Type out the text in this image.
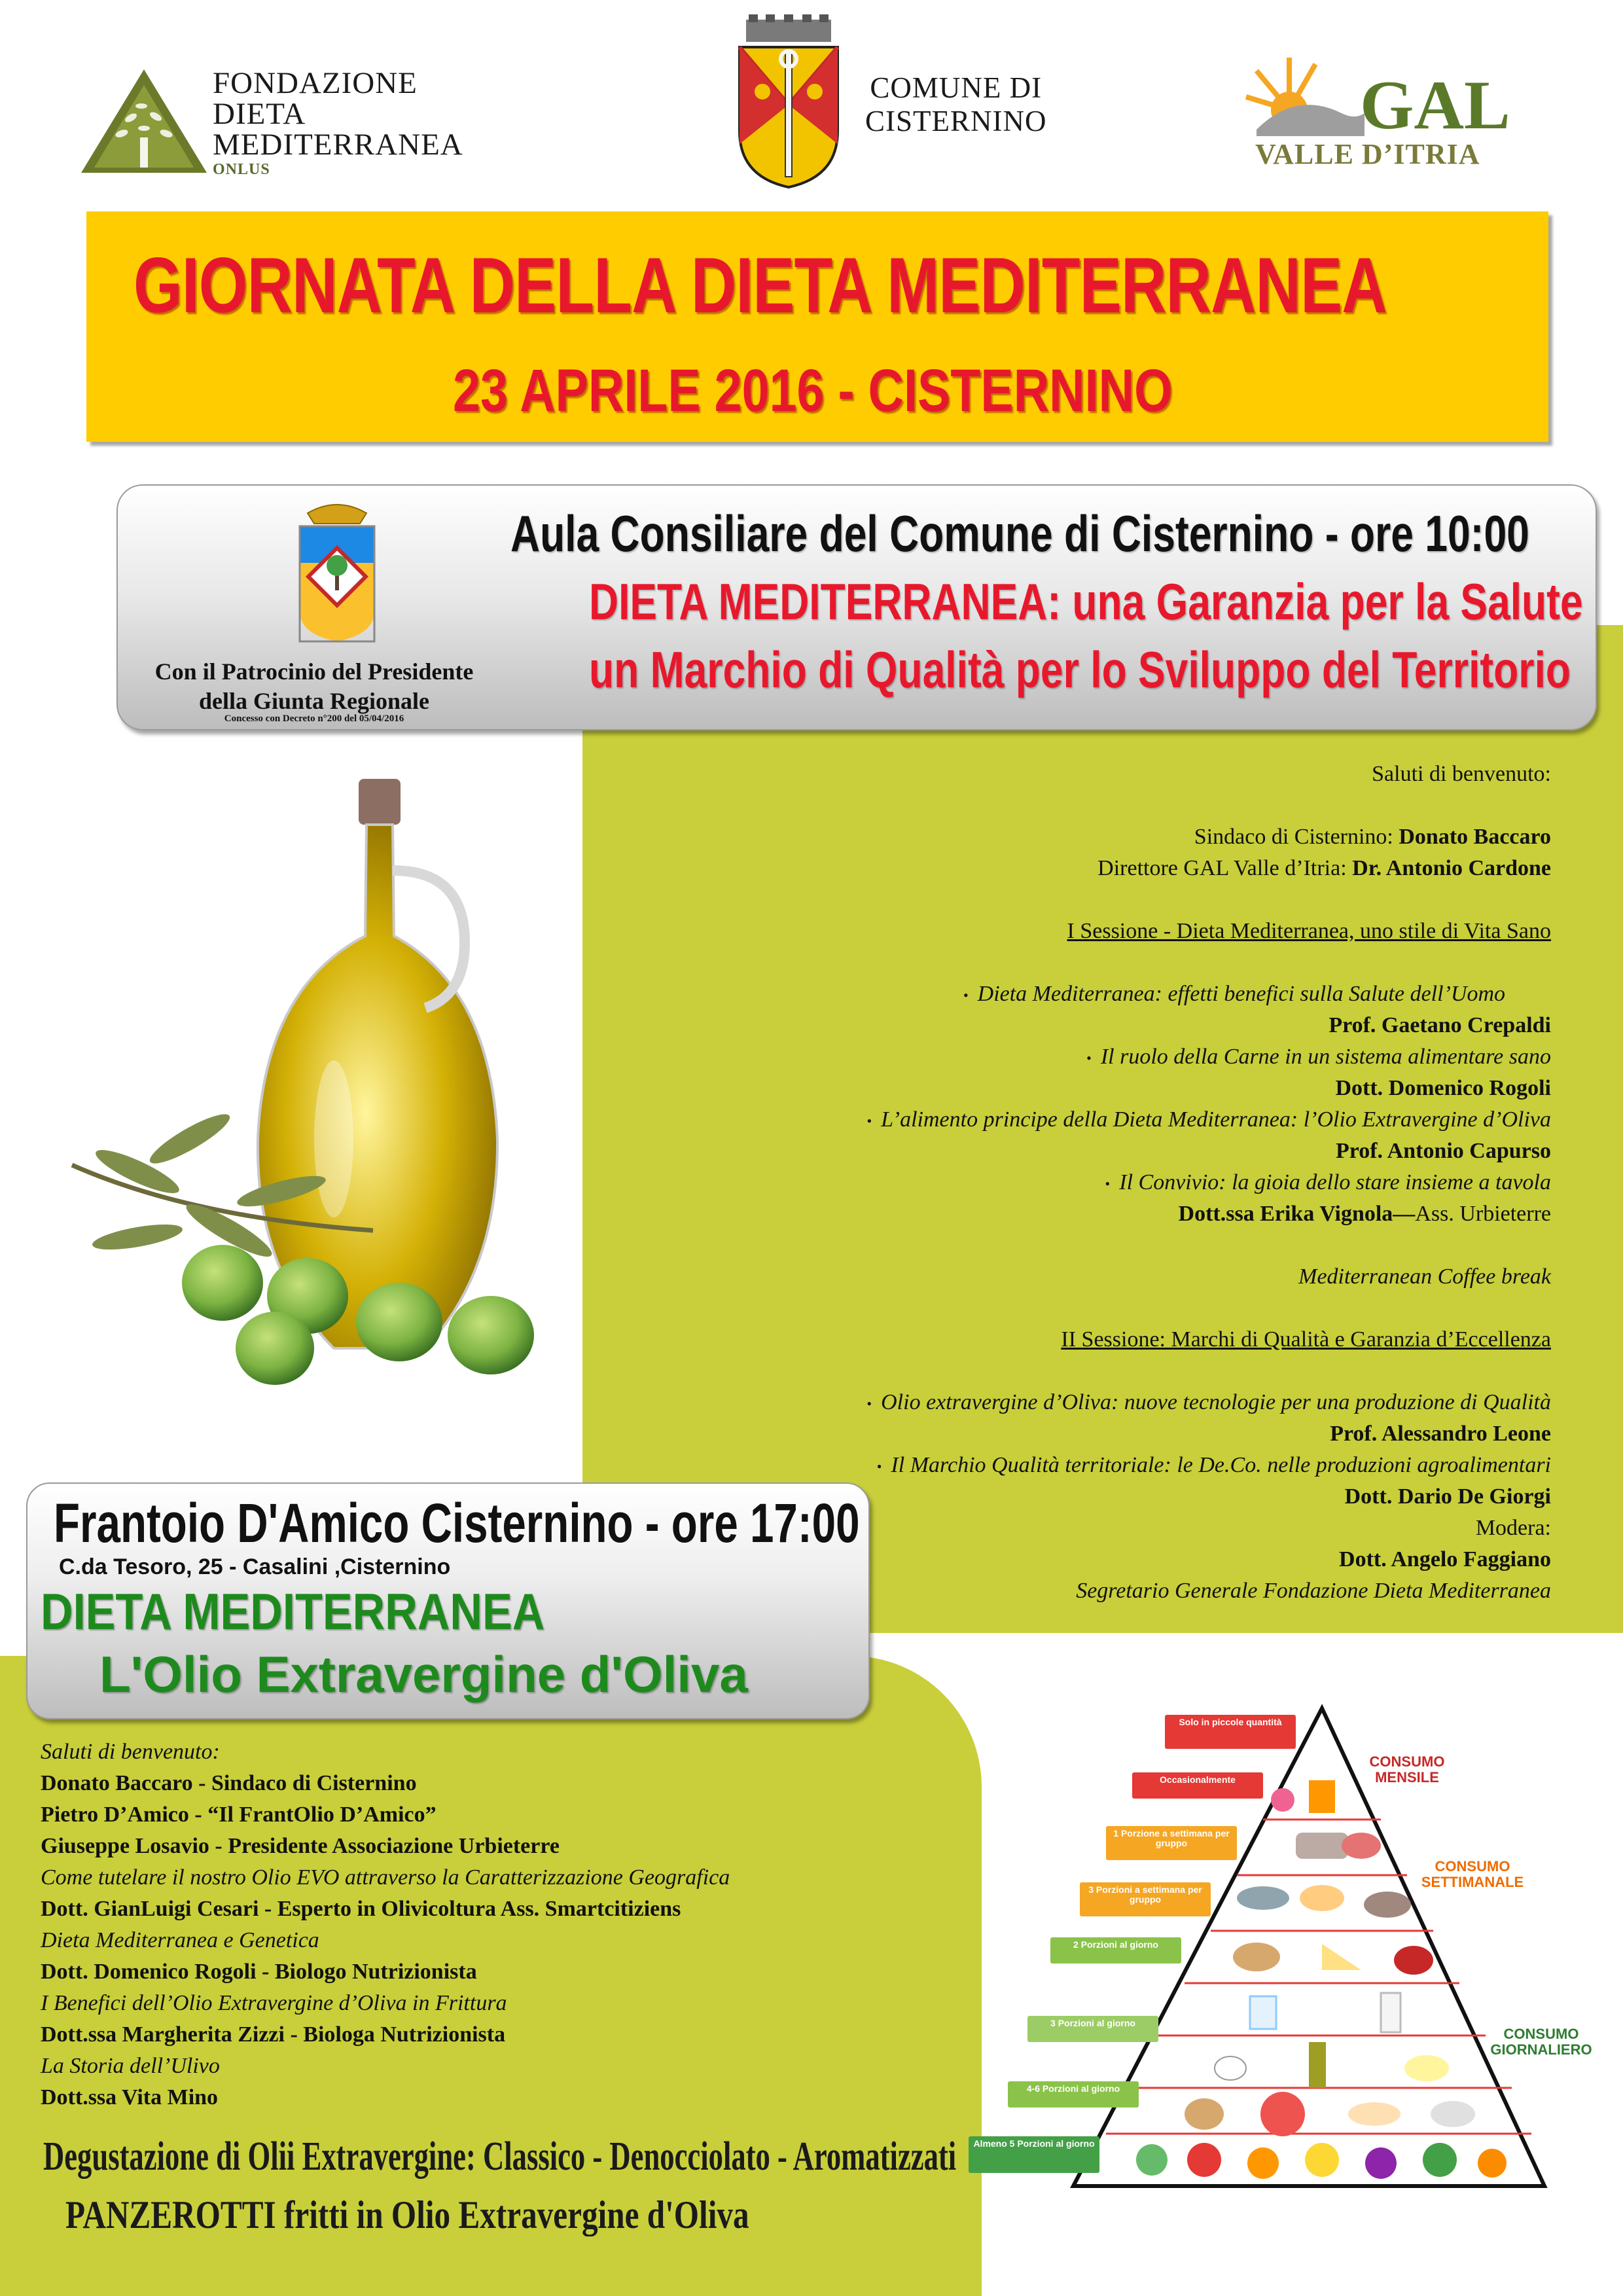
FONDAZIONE
DIETA
MEDITERRANEA
ONLUS
COMUNE DI
CISTERNINO	GAL
VALLE D’ITRIA
GIORNATA DELLA DIETA MEDITERRANEA
23 APRILE 2016 - CISTERNINO
Con il Patrocinio del Presidente
della Giunta Regionale
Concesso con Decreto n°200 del 05/04/2016
Aula Consiliare del Comune di Cisternino - ore 10:00
DIETA MEDITERRANEA: una Garanzia per la Salute
un Marchio di Qualità per lo Sviluppo del Territorio
Saluti di benvenuto:
Sindaco di Cisternino: Donato Baccaro
Direttore GAL Valle d’Itria: Dr. Antonio Cardone
I Sessione - Dieta Mediterranea, uno stile di Vita Sano
• Dieta Mediterranea: effetti benefici sulla Salute dell’Uomo
Prof. Gaetano Crepaldi
• Il ruolo della Carne in un sistema alimentare sano
Dott. Domenico Rogoli
• L’alimento principe della Dieta Mediterranea: l’Olio Extravergine d’Oliva
Prof. Antonio Capurso
• Il Convivio: la gioia dello stare insieme a tavola
Dott.ssa Erika Vignola—Ass. Urbieterre
Mediterranean Coffee break
II Sessione: Marchi di Qualità e Garanzia d’Eccellenza
• Olio extravergine d’Oliva: nuove tecnologie per una produzione di Qualità
Prof. Alessandro Leone
• Il Marchio Qualità territoriale: le De.Co. nelle produzioni agroalimentari
Dott. Dario De Giorgi
Modera:
Dott. Angelo Faggiano
Segretario Generale Fondazione Dieta Mediterranea
Frantoio D'Amico Cisternino - ore 17:00
C.da Tesoro, 25 - Casalini ,Cisternino
DIETA MEDITERRANEA
L'Olio Extravergine d'Oliva
Saluti di benvenuto:
Donato Baccaro - Sindaco di Cisternino
Pietro D’Amico - “Il FrantOlio D’Amico”
Giuseppe Losavio - Presidente Associazione Urbieterre
Come tutelare il nostro Olio EVO attraverso la Caratterizzazione Geografica
Dott. GianLuigi Cesari - Esperto in Olivicoltura Ass. Smartcitiziens
Dieta Mediterranea e Genetica
Dott. Domenico Rogoli - Biologo Nutrizionista
I Benefici dell’Olio Extravergine d’Oliva in Frittura
Dott.ssa Margherita Zizzi - Biologa Nutrizionista
La Storia dell’Ulivo
Dott.ssa Vita Mino
Degustazione di Olii Extravergine: Classico - Denocciolato - Aromatizzati
PANZEROTTI fritti in Olio Extravergine d'Oliva
Solo in piccole quantità
Occasionalmente
1 Porzione a settimana per gruppo
3 Porzioni a settimana per gruppo
2 Porzioni al giorno
3 Porzioni al giorno
4-6 Porzioni al giorno
Almeno 5 Porzioni al giorno
CONSUMO MENSILE
CONSUMO SETTIMANALE
CONSUMO GIORNALIERO
